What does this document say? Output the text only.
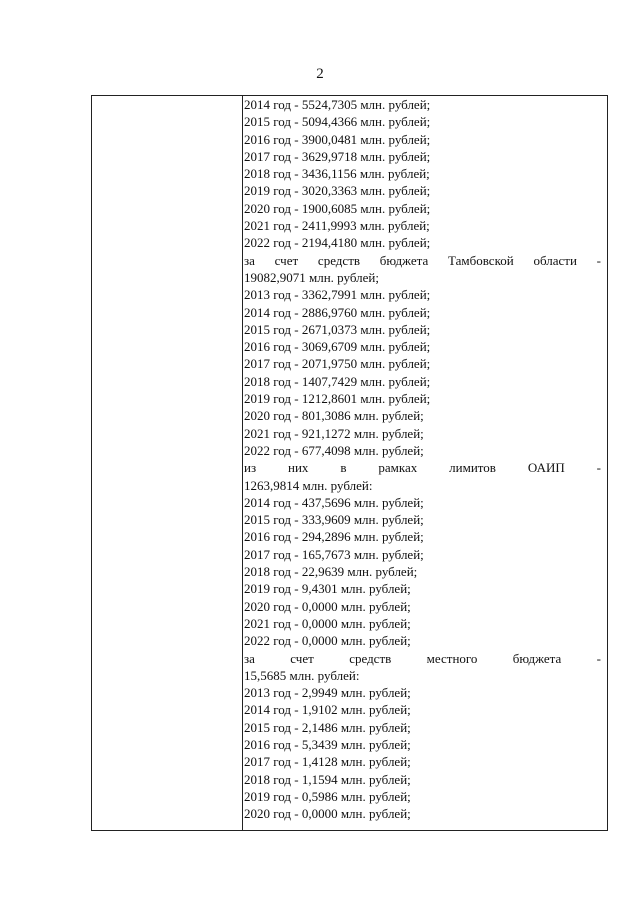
2
2014 год - 5524,7305 млн. рублей;
2015 год - 5094,4366 млн. рублей;
2016 год - 3900,0481 млн. рублей;
2017 год - 3629,9718 млн. рублей;
2018 год - 3436,1156 млн. рублей;
2019 год - 3020,3363 млн. рублей;
2020 год - 1900,6085 млн. рублей;
2021 год - 2411,9993 млн. рублей;
2022 год - 2194,4180 млн. рублей;
за счет средств бюджета Тамбовской области -
19082,9071 млн. рублей;
2013 год - 3362,7991 млн. рублей;
2014 год - 2886,9760 млн. рублей;
2015 год - 2671,0373 млн. рублей;
2016 год - 3069,6709 млн. рублей;
2017 год - 2071,9750 млн. рублей;
2018 год - 1407,7429 млн. рублей;
2019 год - 1212,8601 млн. рублей;
2020 год - 801,3086 млн. рублей;
2021 год - 921,1272 млн. рублей;
2022 год - 677,4098 млн. рублей;
из них в рамках лимитов ОАИП -
1263,9814 млн. рублей:
2014 год - 437,5696 млн. рублей;
2015 год - 333,9609 млн. рублей;
2016 год - 294,2896 млн. рублей;
2017 год - 165,7673 млн. рублей;
2018 год - 22,9639 млн. рублей;
2019 год - 9,4301 млн. рублей;
2020 год - 0,0000 млн. рублей;
2021 год - 0,0000 млн. рублей;
2022 год - 0,0000 млн. рублей;
за счет средств местного бюджета -
15,5685 млн. рублей:
2013 год - 2,9949 млн. рублей;
2014 год - 1,9102 млн. рублей;
2015 год - 2,1486 млн. рублей;
2016 год - 5,3439 млн. рублей;
2017 год - 1,4128 млн. рублей;
2018 год - 1,1594 млн. рублей;
2019 год - 0,5986 млн. рублей;
2020 год - 0,0000 млн. рублей;
